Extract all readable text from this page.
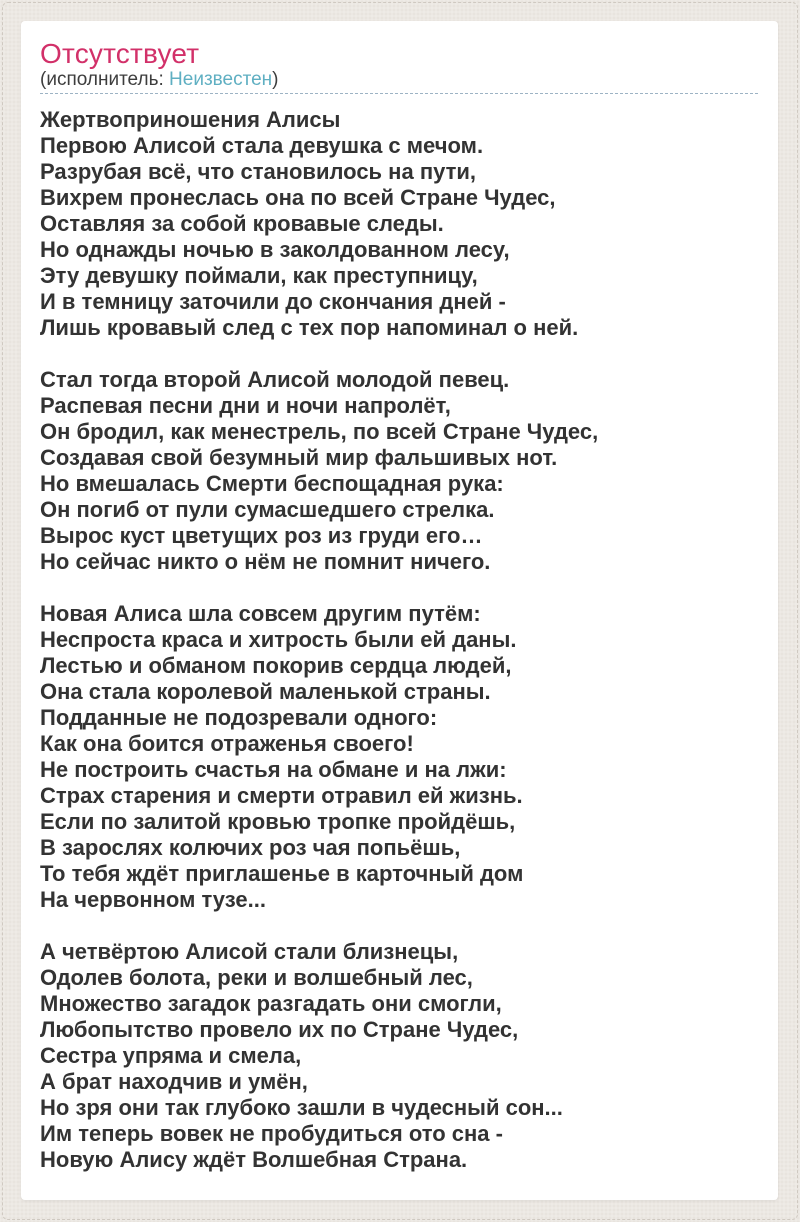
Отсутствует
(исполнитель: Неизвестен)
Жертвоприношения Алисы
Первою Алисой стала девушка с мечом.
Разрубая всё, что становилось на пути,
Вихрем пронеслась она по всей Стране Чудес,
Оставляя за собой кровавые следы.
Но однажды ночью в заколдованном лесу,
Эту девушку поймали, как преступницу,
И в темницу заточили до скончания дней -
Лишь кровавый след с тех пор напоминал о ней.

Стал тогда второй Алисой молодой певец.
Распевая песни дни и ночи напролёт,
Он бродил, как менестрель, по всей Стране Чудес,
Создавая свой безумный мир фальшивых нот.
Но вмешалась Смерти беспощадная рука:
Он погиб от пули сумасшедшего стрелка.
Вырос куст цветущих роз из груди его…
Но сейчас никто о нём не помнит ничего.

Новая Алиса шла совсем другим путём:
Неспроста краса и хитрость были ей даны.
Лестью и обманом покорив сердца людей,
Она стала королевой маленькой страны.
Подданные не подозревали одного:
Как она боится отраженья своего!
Не построить счастья на обмане и на лжи:
Страх старения и смерти отравил ей жизнь.
Если по залитой кровью тропке пройдёшь,
В зарослях колючих роз чая попьёшь,
То тебя ждёт приглашенье в карточный дом
На червонном тузе...

А четвёртою Алисой стали близнецы,
Одолев болота, реки и волшебный лес,
Множество загадок разгадать они смогли,
Любопытство провело их по Стране Чудес,
Сестра упряма и смела,
А брат находчив и умён,
Но зря они так глубоко зашли в чудесный сон...
Им теперь вовек не пробудиться ото сна -
Новую Алису ждёт Волшебная Страна.
